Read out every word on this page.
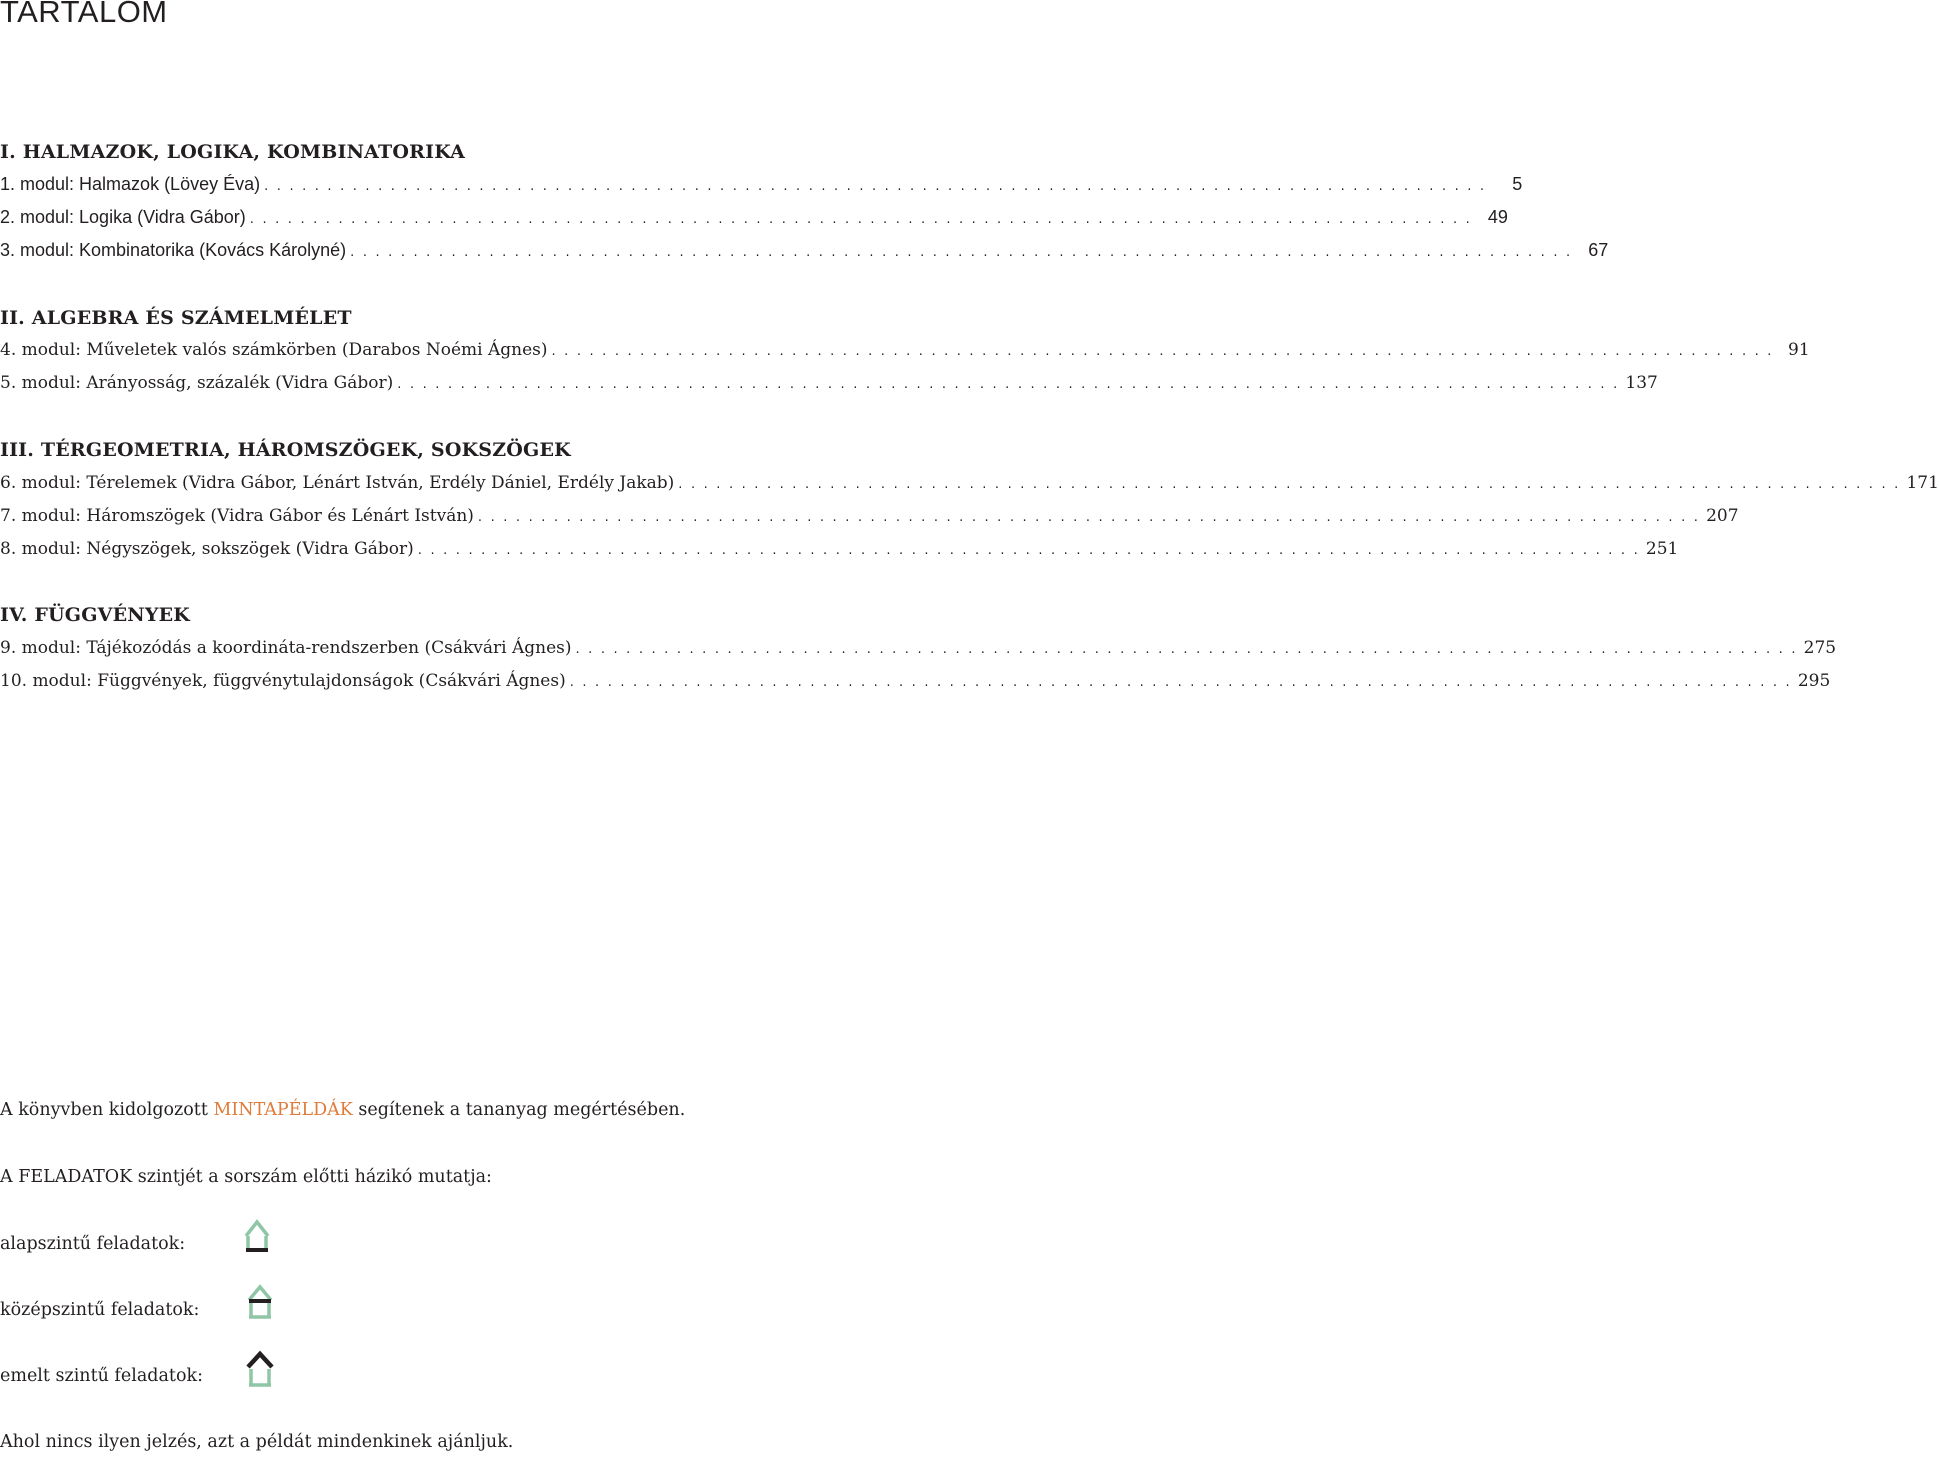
TARTALOM
I. HALMAZOK, LOGIKA, KOMBINATORIKA
1. modul: Halmazok (Lövey Éva) . . . . . . . . . . . . . . . . . . . . . . . . . . . . . . . . . . . . . . . . . . . . . . . . . . . . . . . . . . . . . . . . . . . . . . . . . . . . . . . . . . . . . . . . . . . . . . . . .	5
2. modul: Logika (Vidra Gábor) . . . . . . . . . . . . . . . . . . . . . . . . . . . . . . . . . . . . . . . . . . . . . . . . . . . . . . . . . . . . . . . . . . . . . . . . . . . . . . . . . . . . . . . . . . . . . . . . . 49
3. modul: Kombinatorika (Kovács Károlyné) . . . . . . . . . . . . . . . . . . . . . . . . . . . . . . . . . . . . . . . . . . . . . . . . . . . . . . . . . . . . . . . . . . . . . . . . . . . . . . . . . . . . . . . . . . . . . . . . . 67
II. ALGEBRA ÉS SZÁMELMÉLET
4. modul: Műveletek valós számkörben (Darabos Noémi Ágnes) . . . . . . . . . . . . . . . . . . . . . . . . . . . . . . . . . . . . . . . . . . . . . . . . . . . . . . . . . . . . . . . . . . . . . . . . . . . . . . . . . . . . . . . . . . . . . . . . . 91
5. modul: Arányosság, százalék (Vidra Gábor) . . . . . . . . . . . . . . . . . . . . . . . . . . . . . . . . . . . . . . . . . . . . . . . . . . . . . . . . . . . . . . . . . . . . . . . . . . . . . . . . . . . . . . . . . . . . . . . . . 137
III. TÉRGEOMETRIA, HÁROMSZÖGEK, SOKSZÖGEK
6. modul: Térelemek (Vidra Gábor, Lénárt István, Erdély Dániel, Erdély Jakab) . . . . . . . . . . . . . . . . . . . . . . . . . . . . . . . . . . . . . . . . . . . . . . . . . . . . . . . . . . . . . . . . . . . . . . . . . . . . . . . . . . . . . . . . . . . . . . . . . 171
7. modul: Háromszögek (Vidra Gábor és Lénárt István) . . . . . . . . . . . . . . . . . . . . . . . . . . . . . . . . . . . . . . . . . . . . . . . . . . . . . . . . . . . . . . . . . . . . . . . . . . . . . . . . . . . . . . . . . . . . . . . . . 207
8. modul: Négyszögek, sokszögek (Vidra Gábor) . . . . . . . . . . . . . . . . . . . . . . . . . . . . . . . . . . . . . . . . . . . . . . . . . . . . . . . . . . . . . . . . . . . . . . . . . . . . . . . . . . . . . . . . . . . . . . . . . 251
IV. FÜGGVÉNYEK
9. modul: Tájékozódás a koordináta-rendszerben (Csákvári Ágnes) . . . . . . . . . . . . . . . . . . . . . . . . . . . . . . . . . . . . . . . . . . . . . . . . . . . . . . . . . . . . . . . . . . . . . . . . . . . . . . . . . . . . . . . . . . . . . . . . . 275
10. modul: Függvények, függvénytulajdonságok (Csákvári Ágnes) . . . . . . . . . . . . . . . . . . . . . . . . . . . . . . . . . . . . . . . . . . . . . . . . . . . . . . . . . . . . . . . . . . . . . . . . . . . . . . . . . . . . . . . . . . . . . . . . . 295
A könyvben kidolgozott MINTAPÉLDÁK segítenek a tananyag megértésében.
A FELADATOK szintjét a sorszám előtti házikó mutatja:
alapszintű feladatok:
középszintű feladatok:
emelt szintű feladatok:
Ahol nincs ilyen jelzés, azt a példát mindenkinek ajánljuk.
